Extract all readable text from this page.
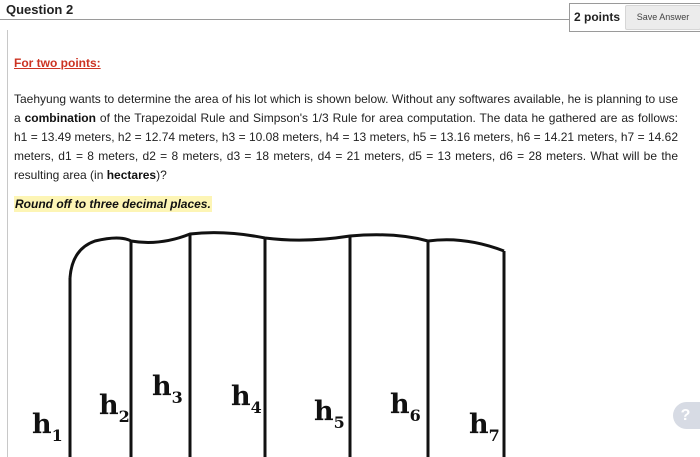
Question 2	2 points	Save Answer
For two points:

Taehyung wants to determine the area of his lot which is shown below. Without any softwares available, he is planning to use a combination of the Trapezoidal Rule and Simpson's 1/3 Rule for area computation. The data he gathered are as follows: h1 = 13.49 meters, h2 = 12.74 meters, h3 = 10.08 meters, h4 = 13 meters, h5 = 13.16 meters, h6 = 14.21 meters, h7 = 14.62 meters, d1 = 8 meters, d2 = 8 meters, d3 = 18 meters, d4 = 21 meters, d5 = 13 meters, d6 = 28 meters. What will be the resulting area (in hectares)?

Round off to three decimal places.
$h_1$
$h_2$
$h_3$ $h_4$ $h_5$
$h_6$ $h_7$
?
